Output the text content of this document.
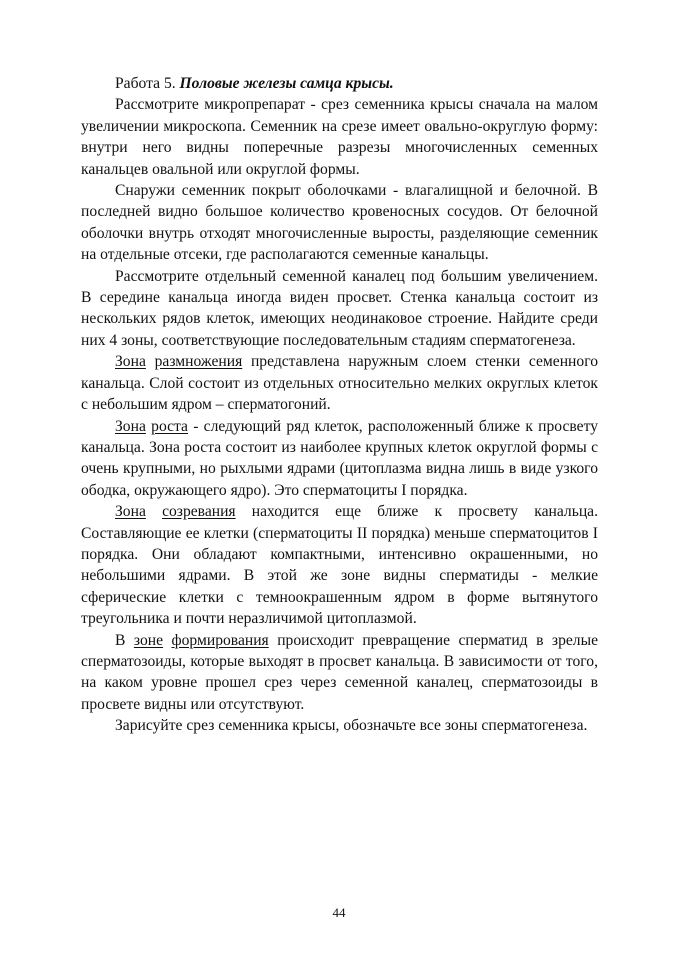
Работа 5. Половые железы самца крысы.

Рассмотрите микропрепарат - срез семенника крысы сначала на малом увеличении микроскопа. Семенник на срезе имеет овально-округлую форму: внутри него видны поперечные разрезы многочисленных семенных канальцев овальной или округлой формы.

Снаружи семенник покрыт оболочками - влагалищной и белочной. В последней видно большое количество кровеносных сосудов. От белочной оболочки внутрь отходят многочисленные выросты, разделяющие семенник на отдельные отсеки, где располагаются семенные канальцы.

Рассмотрите отдельный семенной каналец под большим увеличением. В середине канальца иногда виден просвет. Стенка канальца состоит из нескольких рядов клеток, имеющих неодинаковое строение. Найдите среди них 4 зоны, соответствующие последовательным стадиям сперматогенеза.

Зона размножения представлена наружным слоем стенки семенного канальца. Слой состоит из отдельных относительно мелких округлых клеток с небольшим ядром – сперматогоний.

Зона роста - следующий ряд клеток, расположенный ближе к просвету канальца. Зона роста состоит из наиболее крупных клеток округлой формы с очень крупными, но рыхлыми ядрами (цитоплазма видна лишь в виде узкого ободка, окружающего ядро). Это сперматоциты I порядка.

Зона созревания находится еще ближе к просвету канальца. Составляющие ее клетки (сперматоциты II порядка) меньше сперматоцитов I порядка. Они обладают компактными, интенсивно окрашенными, но небольшими ядрами. В этой же зоне видны сперматиды - мелкие сферические клетки с темноокрашенным ядром в форме вытянутого треугольника и почти неразличимой цитоплазмой.

В зоне формирования происходит превращение сперматид в зрелые сперматозоиды, которые выходят в просвет канальца. В зависимости от того, на каком уровне прошел срез через семенной каналец, сперматозоиды в просвете видны или отсутствуют.

Зарисуйте срез семенника крысы, обозначьте все зоны сперматогенеза.

44
